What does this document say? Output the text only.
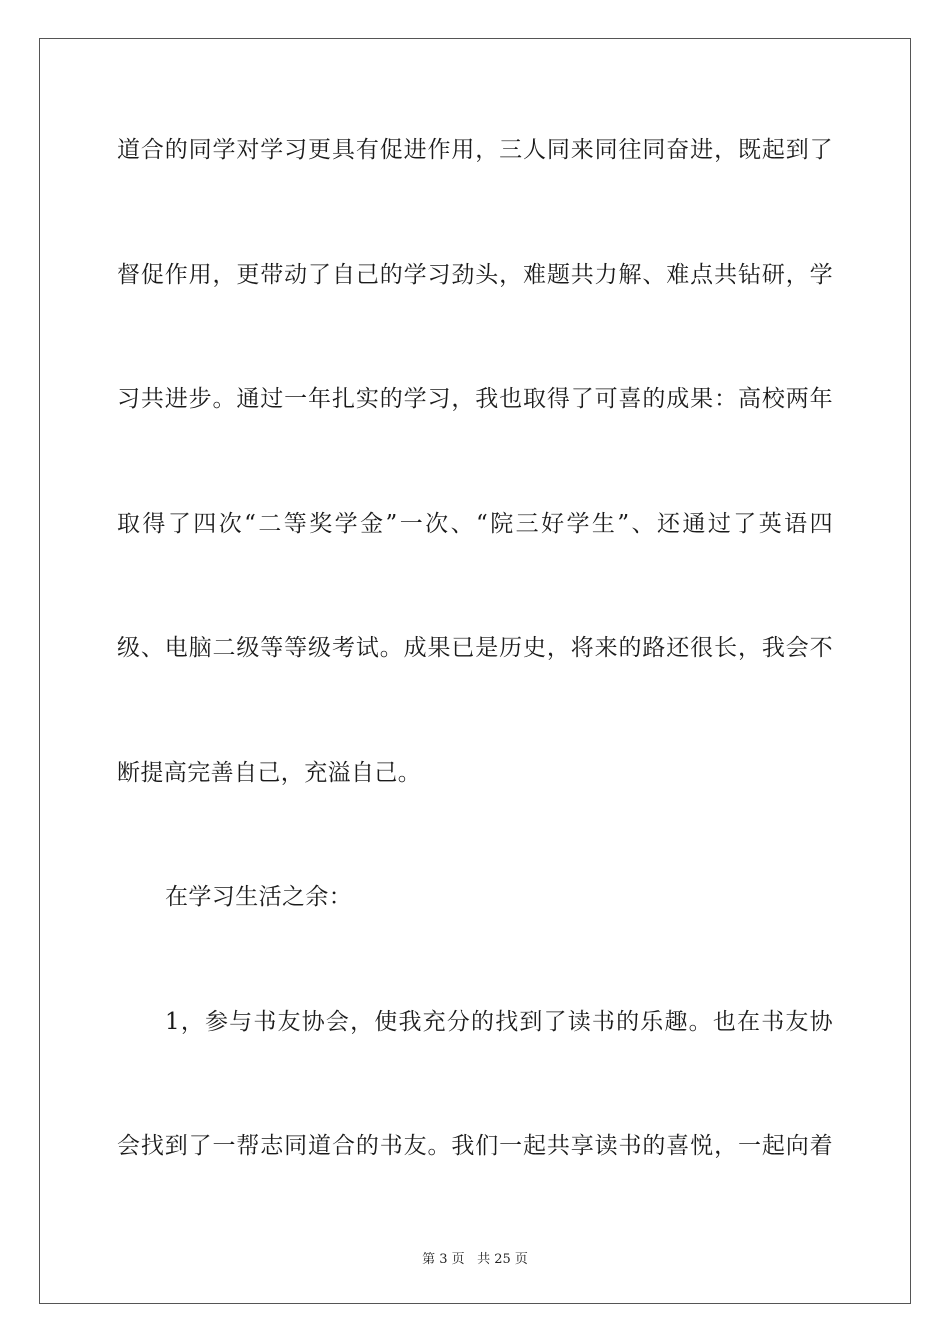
道合的同学对学习更具有促进作用，三人同来同往同奋进，既起到了
督促作用，更带动了自己的学习劲头，难题共力解、难点共钻研，学
习共进步。通过一年扎实的学习，我也取得了可喜的成果：高校两年
取得了四次“二等奖学金”一次、“院三好学生”、还通过了英语四
级、电脑二级等等级考试。成果已是历史，将来的路还很长，我会不
断提高完善自己，充溢自己。
在学习生活之余：
1，参与书友协会，使我充分的找到了读书的乐趣。也在书友协
会找到了一帮志同道合的书友。我们一起共享读书的喜悦，一起向着
第 3 页 共 25 页
